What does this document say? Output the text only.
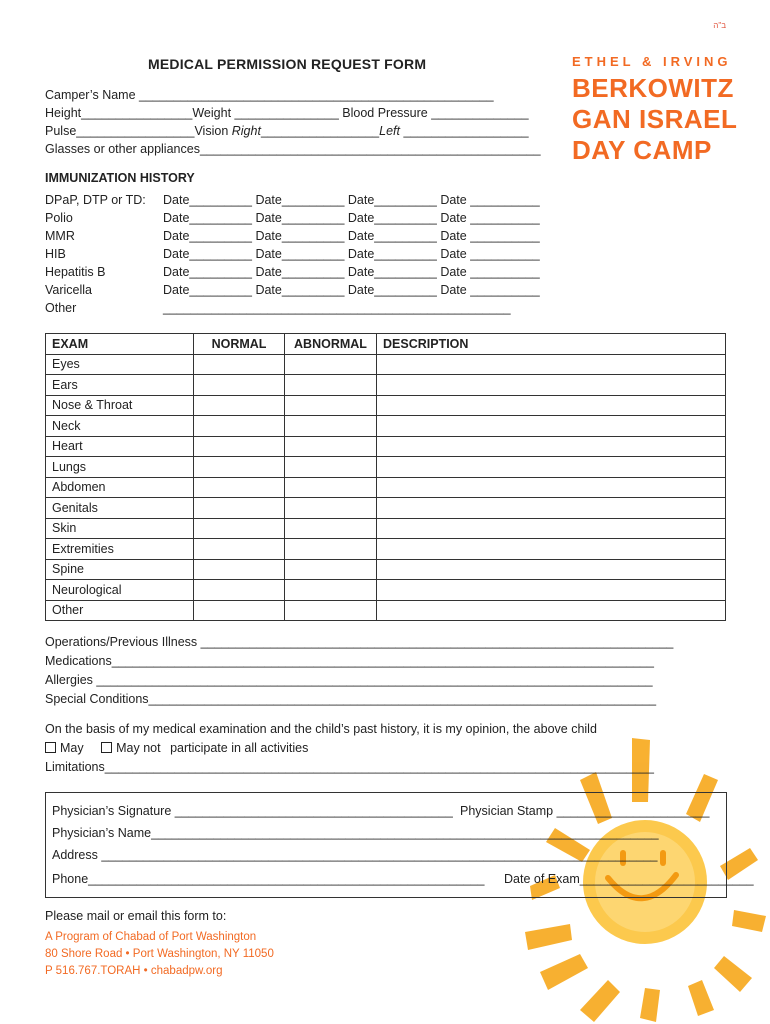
ב"ה
MEDICAL PERMISSION REQUEST FORM	ETHEL & IRVING
BERKOWITZ
GAN ISRAEL
DAY CAMP
Camper’s Name ___________________________________________________
Height________________Weight _______________ Blood Pressure ______________
Pulse_________________Vision Right_________________Left __________________
Glasses or other appliances_________________________________________________
IMMUNIZATION HISTORY
DPaP, DTP or TD: Date_________ Date_________ Date_________ Date __________
Polio	Date_________ Date_________ Date_________ Date __________
MMR	Date_________ Date_________ Date_________ Date __________
HIB	Date_________ Date_________ Date_________ Date __________
Hepatitis B	Date_________ Date_________ Date_________ Date __________
Varicella	Date_________ Date_________ Date_________ Date __________
Other	__________________________________________________
EXAM	NORMAL	ABNORMAL	DESCRIPTION
Eyes			
Ears			
Nose & Throat			
Neck			
Heart			
Lungs			
Abdomen			
Genitals			
Skin			
Extremities			
Spine			
Neurological			
Other			
Operations/Previous Illness ____________________________________________________________________
Medications______________________________________________________________________________
Allergies ________________________________________________________________________________
Special Conditions_________________________________________________________________________
On the basis of my medical examination and the child’s past history, it is my opinion, the above child
May	May not participate in all activities
Limitations_______________________________________________________________________________
Physician’s Signature ________________________________________ Physician Stamp ______________________
Physician’s Name_________________________________________________________________________
Address ________________________________________________________________________________
Phone_________________________________________________________ Date of Exam_________________________
Please mail or email this form to:
A Program of Chabad of Port Washington
80 Shore Road • Port Washington, NY 11050
P 516.767.TORAH • chabadpw.org
